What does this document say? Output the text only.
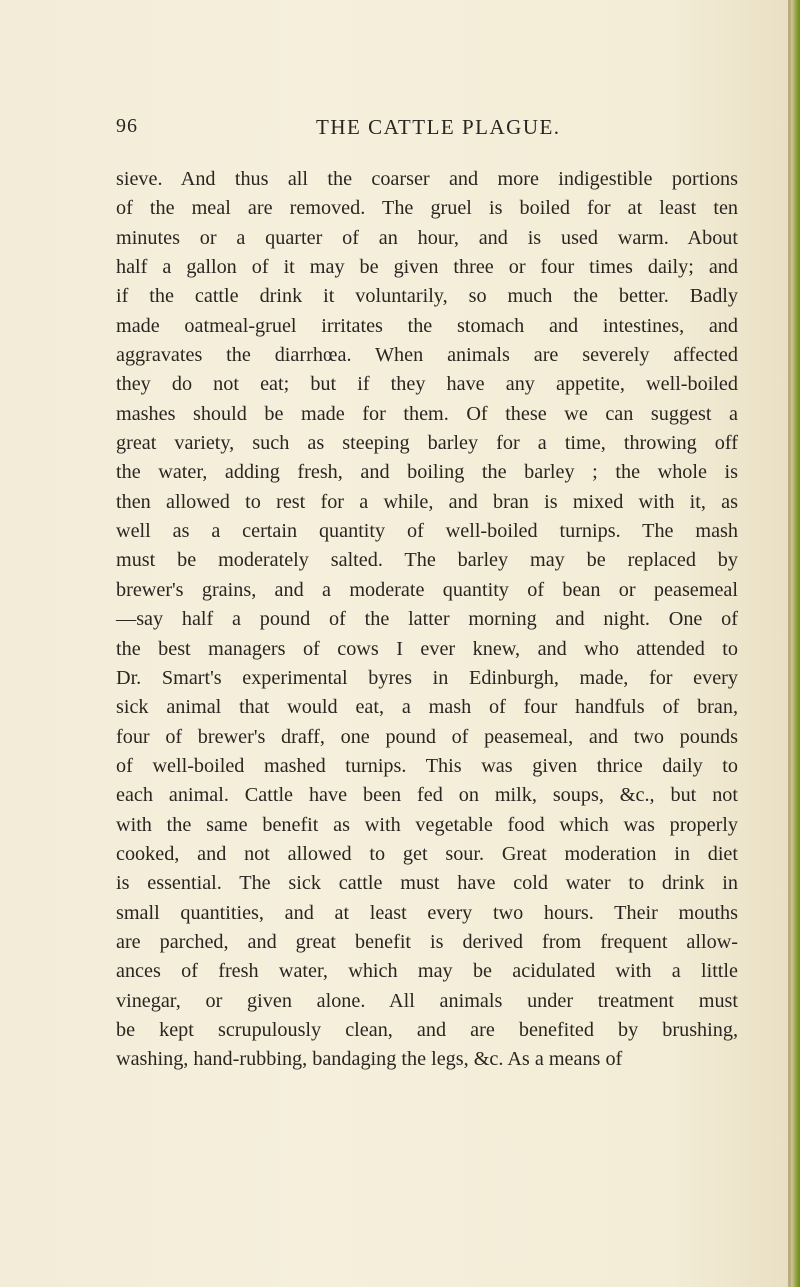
96	THE CATTLE PLAGUE.
sieve. And thus all the coarser and more indigestible portions
of the meal are removed. The gruel is boiled for at least ten
minutes or a quarter of an hour, and is used warm. About
half a gallon of it may be given three or four times daily; and
if the cattle drink it voluntarily, so much the better. Badly
made oatmeal-gruel irritates the stomach and intestines, and
aggravates the diarrhœa. When animals are severely affected
they do not eat; but if they have any appetite, well-boiled
mashes should be made for them. Of these we can suggest a
great variety, such as steeping barley for a time, throwing off
the water, adding fresh, and boiling the barley ; the whole is
then allowed to rest for a while, and bran is mixed with it, as
well as a certain quantity of well-boiled turnips. The mash
must be moderately salted. The barley may be replaced by
brewer's grains, and a moderate quantity of bean or peasemeal
—say half a pound of the latter morning and night. One of
the best managers of cows I ever knew, and who attended to
Dr. Smart's experimental byres in Edinburgh, made, for every
sick animal that would eat, a mash of four handfuls of bran,
four of brewer's draff, one pound of peasemeal, and two pounds
of well-boiled mashed turnips. This was given thrice daily to
each animal. Cattle have been fed on milk, soups, &c., but not
with the same benefit as with vegetable food which was properly
cooked, and not allowed to get sour. Great moderation in diet
is essential. The sick cattle must have cold water to drink in
small quantities, and at least every two hours. Their mouths
are parched, and great benefit is derived from frequent allow-
ances of fresh water, which may be acidulated with a little
vinegar, or given alone. All animals under treatment must
be kept scrupulously clean, and are benefited by brushing,
washing, hand-rubbing, bandaging the legs, &c. As a means of
